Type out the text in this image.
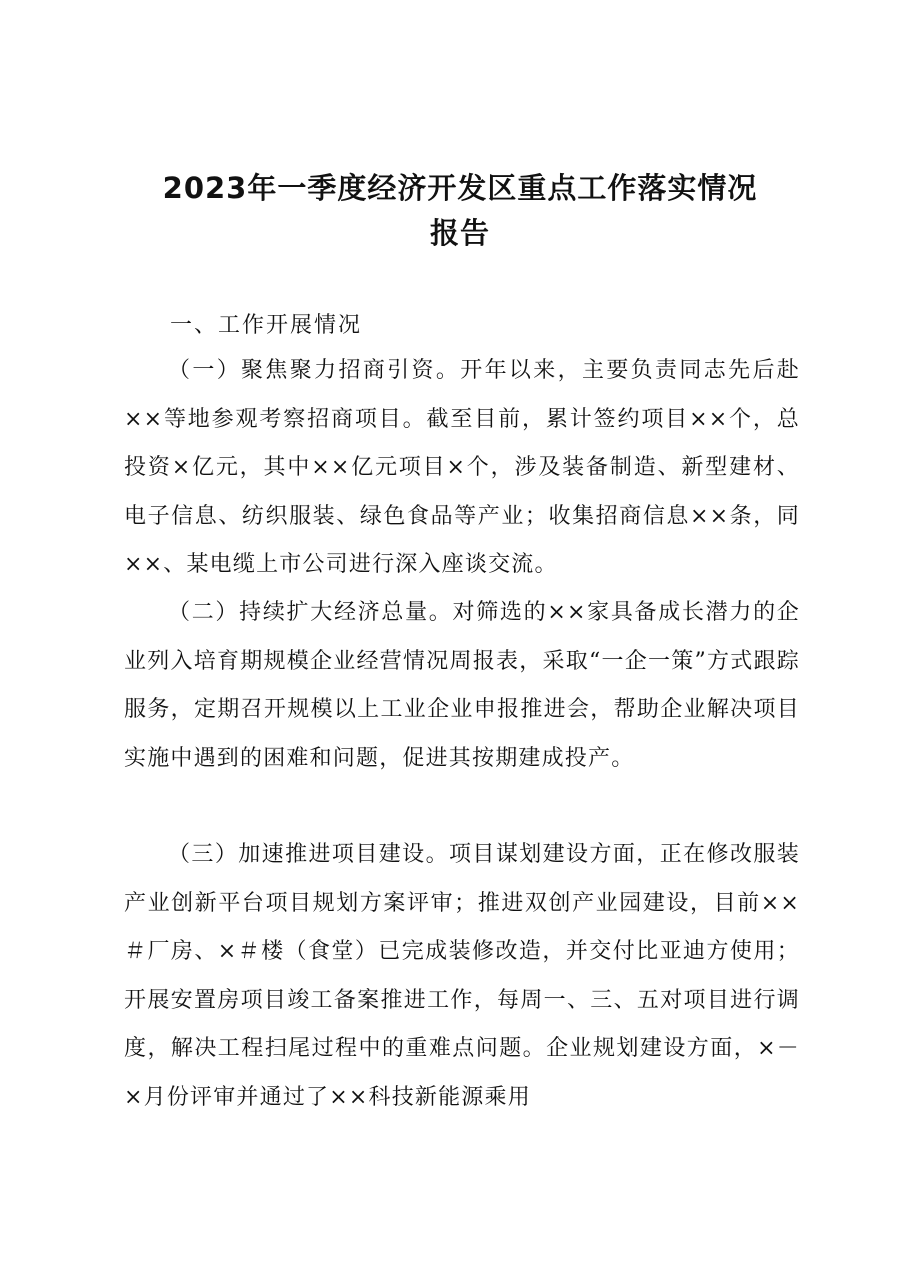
2023年一季度经济开发区重点工作落实情况
报告
一、工作开展情况

（一）聚焦聚力招商引资。开年以来，主要负责同志先后赴××等地参观考察招商项目。截至目前，累计签约项目××个，总投资×亿元，其中××亿元项目×个，涉及装备制造、新型建材、电子信息、纺织服装、绿色食品等产业；收集招商信息××条，同××、某电缆上市公司进行深入座谈交流。

（二）持续扩大经济总量。对筛选的××家具备成长潜力的企业列入培育期规模企业经营情况周报表，采取“一企一策”方式跟踪服务，定期召开规模以上工业企业申报推进会，帮助企业解决项目实施中遇到的困难和问题，促进其按期建成投产。

（三）加速推进项目建设。项目谋划建设方面，正在修改服装产业创新平台项目规划方案评审；推进双创产业园建设，目前××＃厂房、×＃楼（食堂）已完成装修改造，并交付比亚迪方使用；开展安置房项目竣工备案推进工作，每周一、三、五对项目进行调度，解决工程扫尾过程中的重难点问题。企业规划建设方面，×－×月份评审并通过了××科技新能源乘用
